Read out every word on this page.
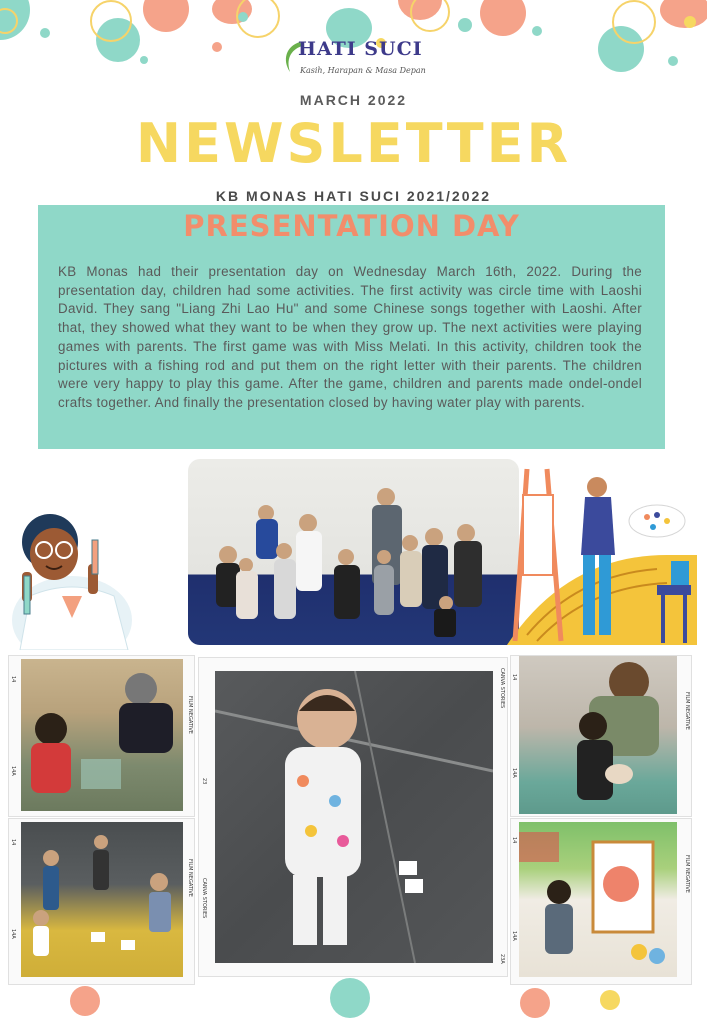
HATI SUCI
Kasih, Harapan & Masa Depan
MARCH 2022
NEWSLETTER
KB MONAS HATI SUCI 2021/2022
PRESENTATION DAY
KB Monas had their presentation day on Wednesday March 16th, 2022. During the presentation day, children had some activities. The first activity was circle time with Laoshi David. They sang "Liang Zhi Lao Hu" and some Chinese songs together with Laoshi. After that, they showed what they want to be when they grow up. The next activities were playing games with parents. The first game was with Miss Melati. In this activity, children took the pictures with a fishing rod and put them on the right letter with their parents. The children were very happy to play this game. After the game, children and parents made ondel-ondel crafts together. And finally the presentation closed by having water play with parents.
14
14A
FILM NEGATIVE
14
14A
FILM NEGATIVE
23
CANVA STORIES
CANVA STORIES
23A
14
14A
FILM NEGATIVE
14
14A
FILM NEGATIVE
